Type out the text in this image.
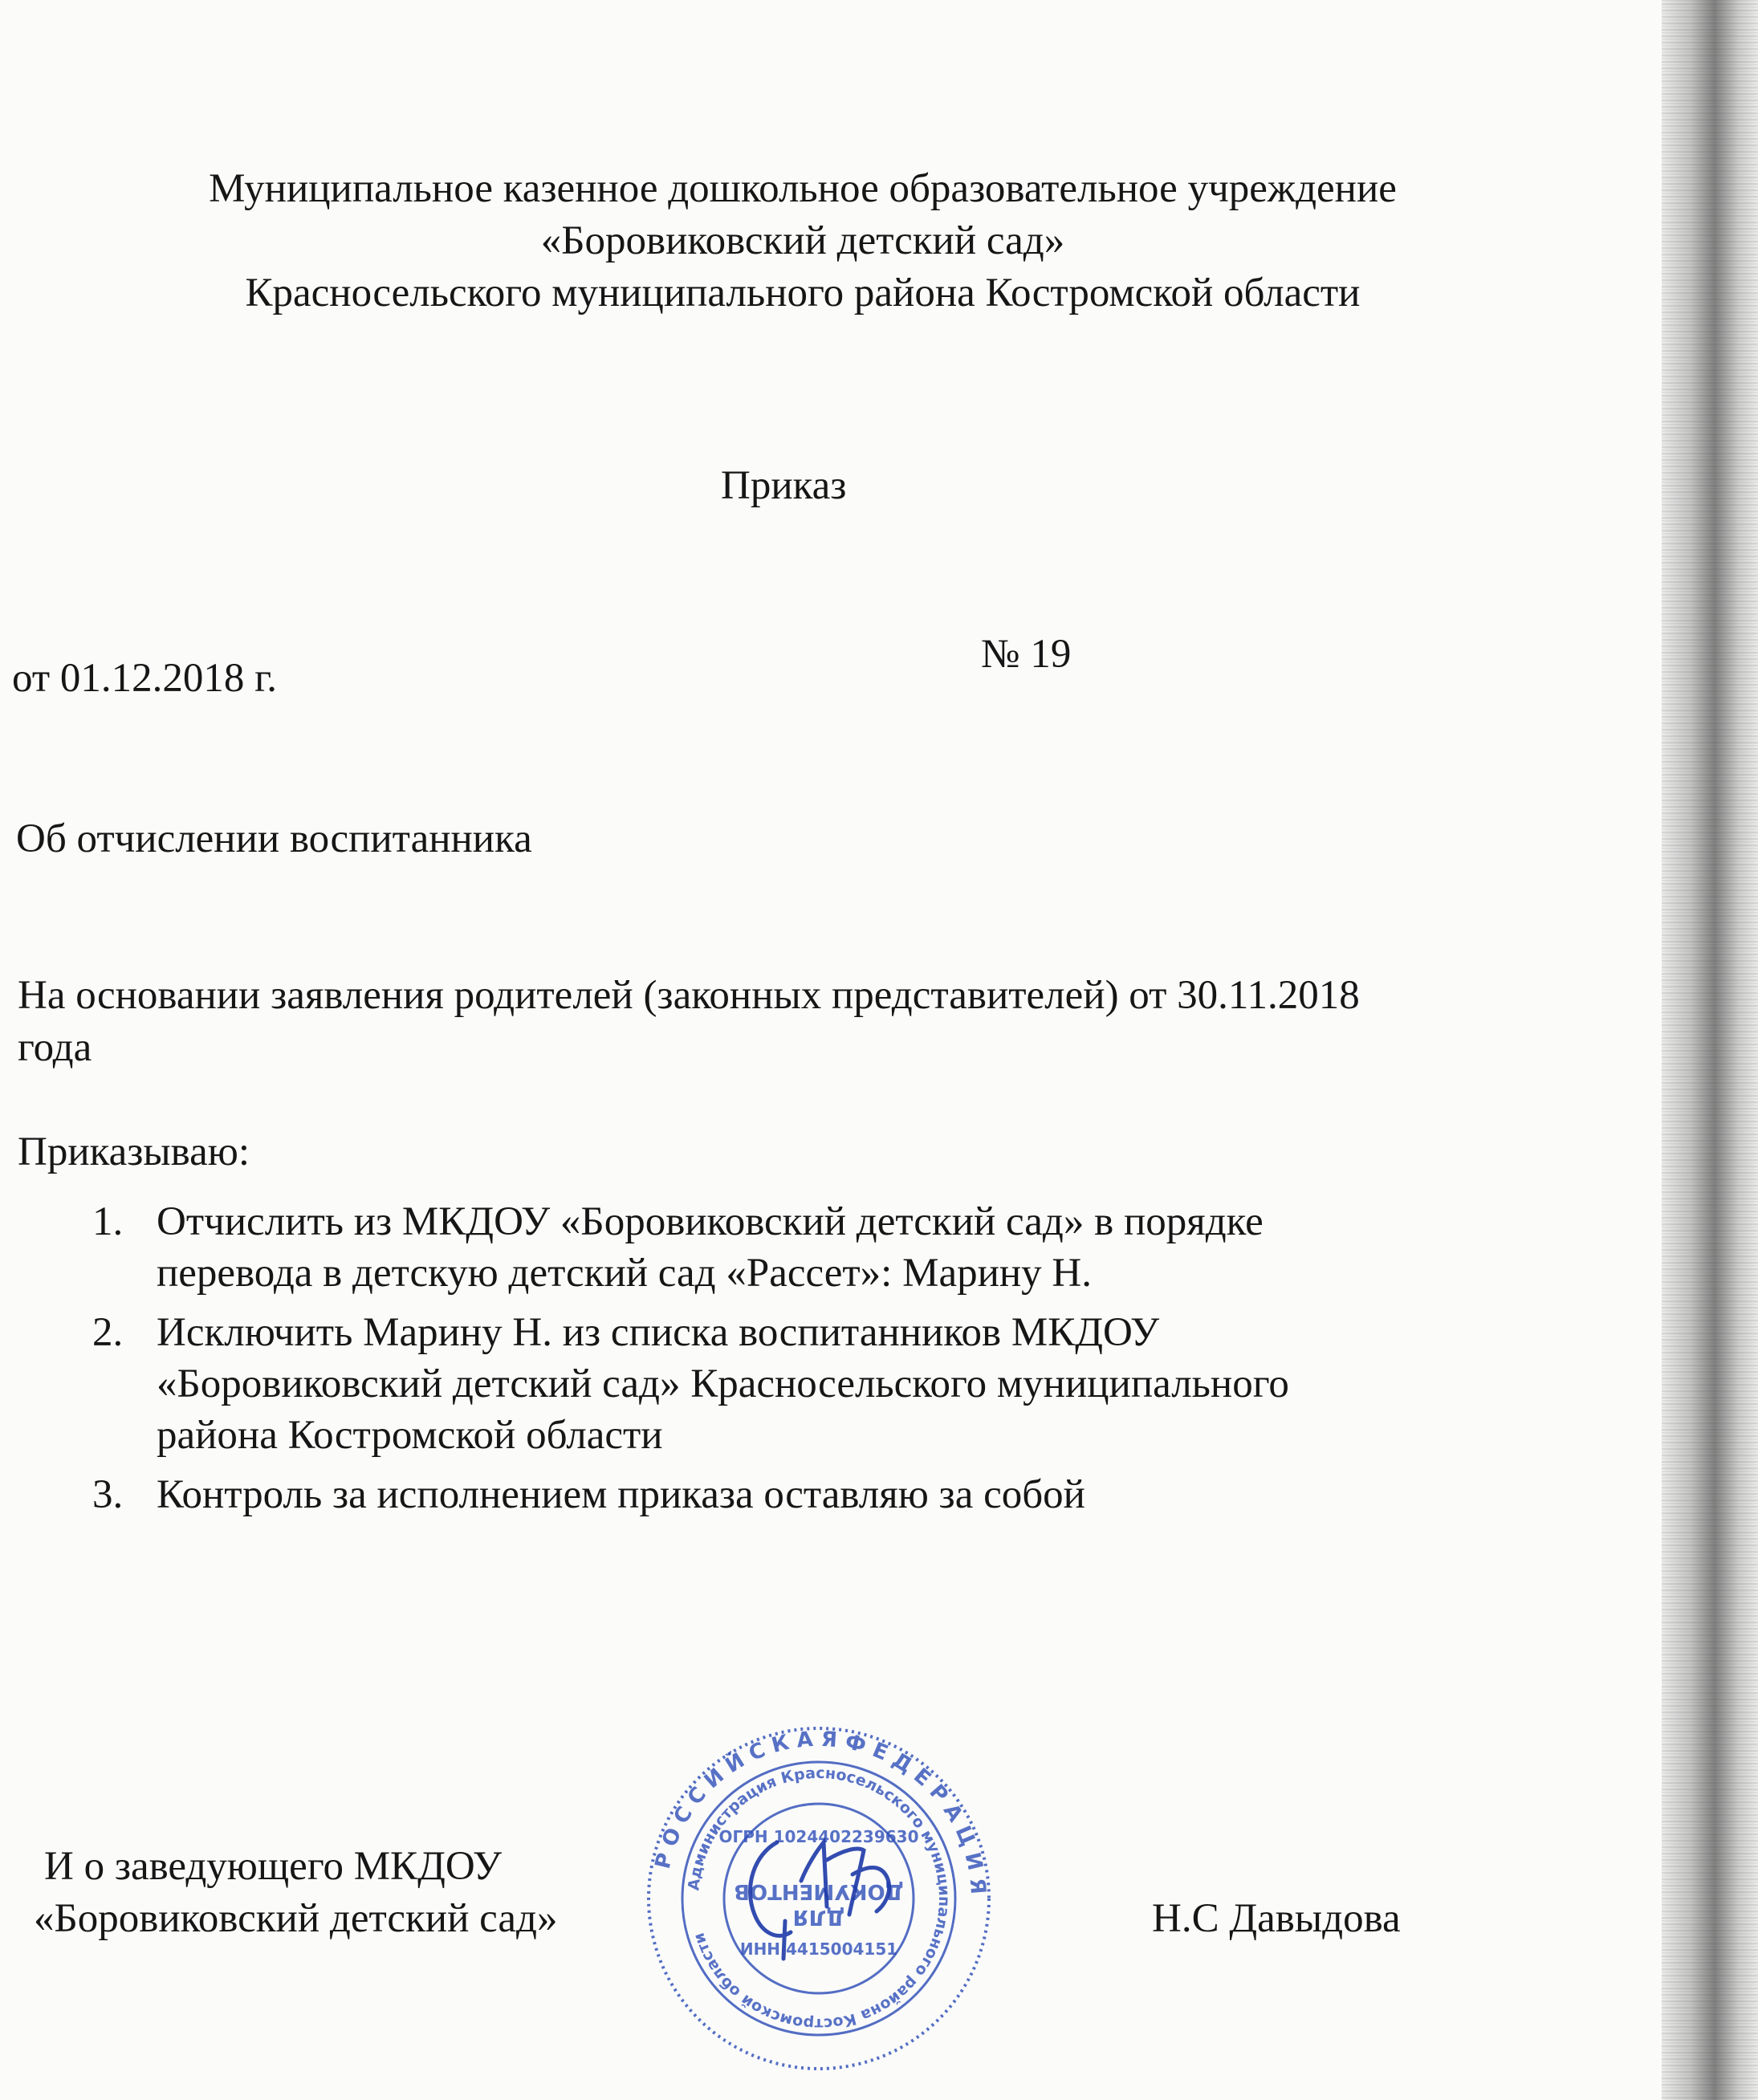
Муниципальное казенное дошкольное образовательное учреждение
«Боровиковский детский сад»
Красносельского муниципального района Костромской области
Приказ
от 01.12.2018 г.
№ 19
Об отчислении воспитанника
На основании заявления родителей (законных представителей) от 30.11.2018
года
Приказываю:
1. Отчислить из МКДОУ «Боровиковский детский сад» в порядке
перевода в детскую детский сад «Рассет»: Марину Н.
2. Исключить Марину Н. из списка воспитанников МКДОУ
«Боровиковский детский сад» Красносельского муниципального
района Костромской области
3. Контроль за исполнением приказа оставляю за собой
И о заведующего МКДОУ
«Боровиковский детский сад»	Н.С Давыдова
Р О С С И Й С К А Я Ф Е Д Е Р А Ц И Я
Администрация Красносельского муниципального района Костромской области
ОГРН 1024402239630
ИНН 4415004151
ДЛЯ
ДОКУМЕНТОВ
